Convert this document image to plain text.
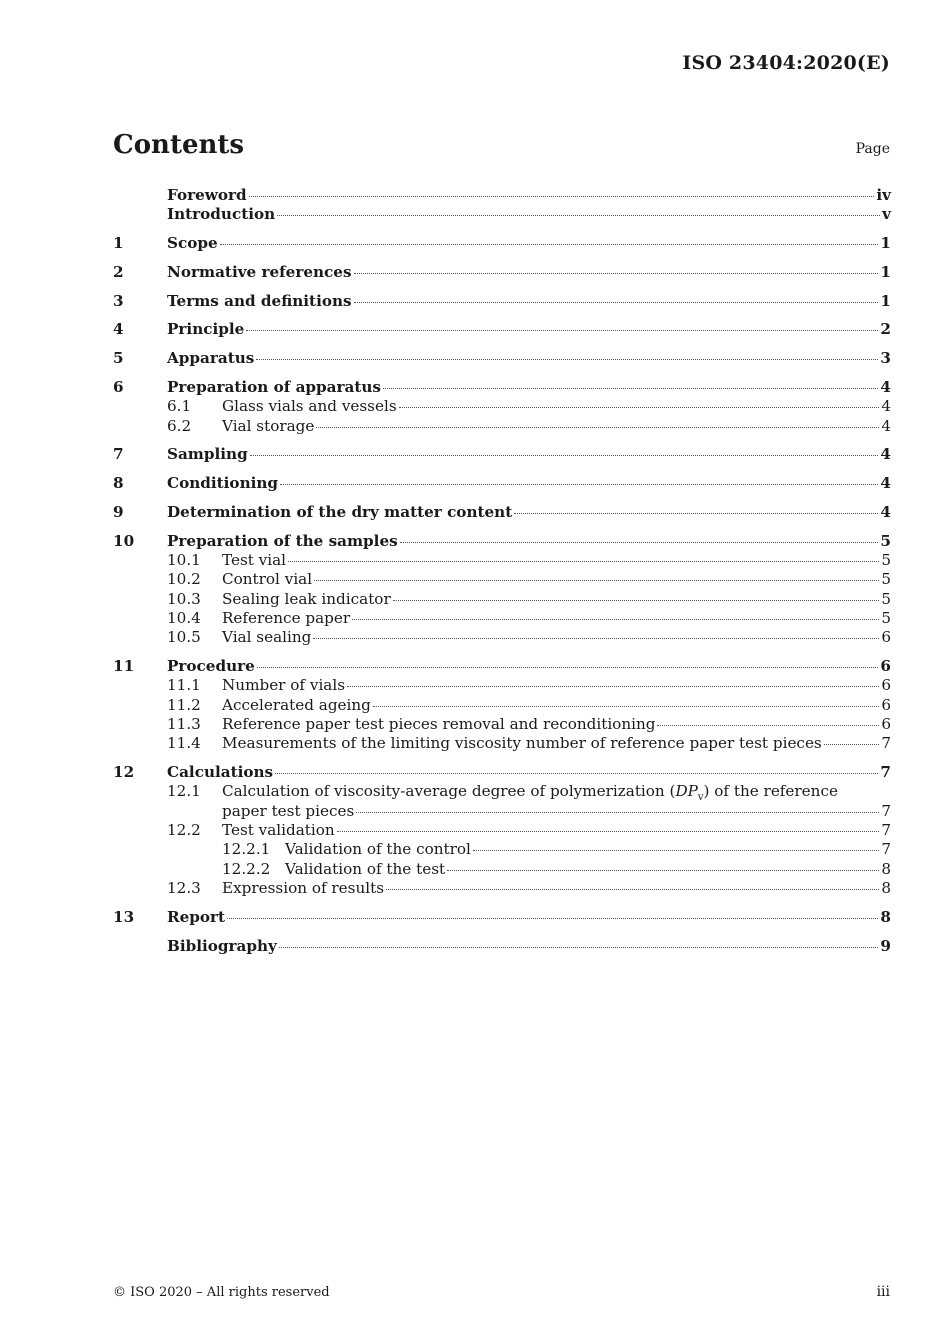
ISO 23404:2020(E)
Contents	Page
Foreword	iv
Introduction	v
1	Scope	1
2	Normative references	1
3	Terms and definitions	1
4	Principle	2
5	Apparatus	3
6	Preparation of apparatus	4
6.1	Glass vials and vessels	4
6.2	Vial storage	4
7	Sampling	4
8	Conditioning	4
9	Determination of the dry matter content	4
10	Preparation of the samples	5
10.1	Test vial	5
10.2	Control vial	5
10.3	Sealing leak indicator	5
10.4	Reference paper	5
10.5	Vial sealing	6
11	Procedure	6
11.1	Number of vials	6
11.2	Accelerated ageing	6
11.3	Reference paper test pieces removal and reconditioning	6
11.4	Measurements of the limiting viscosity number of reference paper test pieces	7
12	Calculations	7
12.1	Calculation of viscosity-average degree of polymerization $(DP_v)$ of the reference
paper test pieces	7
12.2	Test validation	7
12.2.1 Validation of the control	7
12.2.2 Validation of the test	8
12.3	Expression of results	8
13	Report	8
Bibliography	9
© ISO 2020 – All rights reserved	iii
